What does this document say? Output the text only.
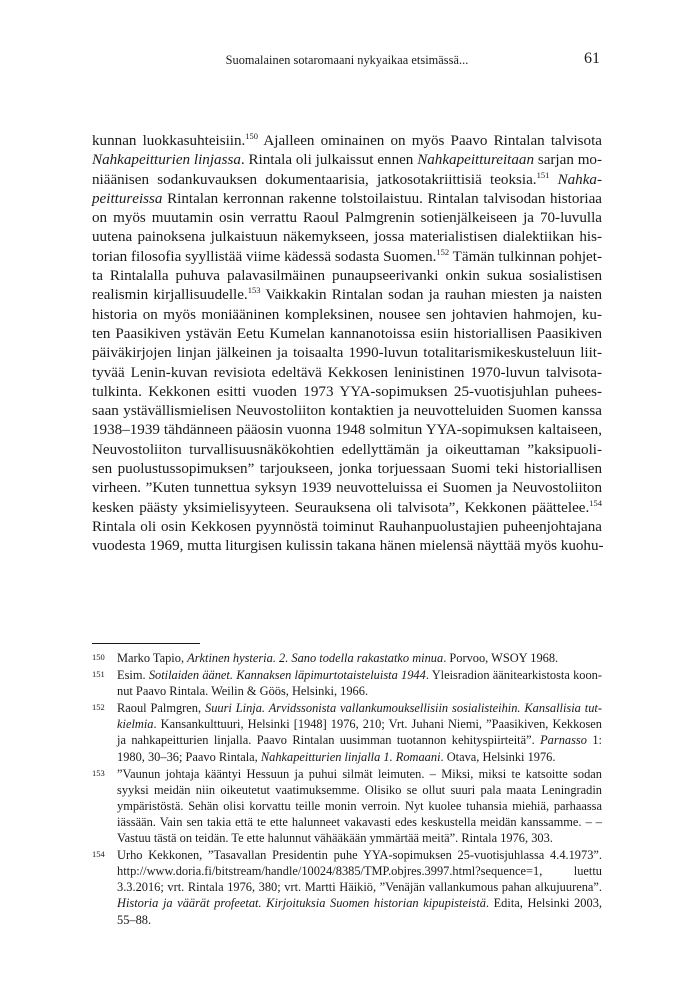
Suomalainen sotaromaani nykyaikaa etsimässä...	61
kunnan luokkasuhteisiin.$^{150}$ Ajalleen ominainen on myös Paavo Rintalan talvisota
Nahkapeitturien linjassa. Rintala oli julkaissut ennen Nahkapeittureitaan sarjan mo-
niäänisen sodankuvauksen dokumentaarisia, jatkosotakriittisiä teoksia.$^{151}$ Nahka-
peitturеissa Rintalan kerronnan rakenne tolstoilaistuu. Rintalan talvisodan historiaa
on myös muutamin osin verrattu Raoul Palmgrenin sotienjälkeiseen ja 70-luvulla
uutena painoksena julkaistuun näkemykseen, jossa materialistisen dialektiikan his-
torian filosofia syyllistää viime kädessä sodasta Suomen.$^{152}$ Tämän tulkinnan pohjet-
ta Rintalalla puhuva palavasilmäinen punaupseerivanki onkin sukua sosialistisen
realismin kirjallisuudelle.$^{153}$ Vaikkakin Rintalan sodan ja rauhan miesten ja naisten
historia on myös moniääninen kompleksinen, nousee sen johtavien hahmojen, ku-
ten Paasikiven ystävän Eetu Kumelan kannanotoissa esiin historiallisen Paasikiven
päiväkirjojen linjan jälkeinen ja toisaalta 1990-luvun totalitarismikeskusteluun liit-
tyvää Lenin-kuvan revisiota edeltävä Kekkosen leninistinen 1970-luvun talvisota-
tulkinta. Kekkonen esitti vuoden 1973 YYA-sopimuksen 25-vuotisjuhlan puhees-
saan ystävällismielisen Neuvostoliiton kontaktien ja neuvotteluiden Suomen kanssa
1938–1939 tähdänneen pääosin vuonna 1948 solmitun YYA-sopimuksen kaltaiseen,
Neuvostoliiton turvallisuusnäkökohtien edellyttämän ja oikeuttaman ”kaksipuoli-
sen puolustussopimuksen” tarjoukseen, jonka torjuessaan Suomi teki historiallisen
virheen. ”Kuten tunnettua syksyn 1939 neuvotteluissa ei Suomen ja Neuvostoliiton
kesken päästy yksimielisyyteen. Seurauksena oli talvisota”, Kekkonen päättelee.$^{154}$
Rintala oli osin Kekkosen pyynnöstä toiminut Rauhanpuolustajien puheenjohtajana
vuodesta 1969, mutta liturgisen kulissin takana hänen mielensä näyttää myös kuohu-
150 Marko Tapio, Arktinen hysteria. 2. Sano todella rakastatko minua. Porvoo, WSOY 1968.
151 Esim. Sotilaiden äänet. Kannaksen läpimurtotaisteluista 1944. Yleisradion äänitearkistosta koon-
nut Paavo Rintala. Weilin & Göös, Helsinki, 1966.
152 Raoul Palmgren, Suuri Linja. Arvidssonista vallankumouksellisiin sosialisteihin. Kansallisia tut-
kielmia. Kansankulttuuri, Helsinki [1948] 1976, 210; Vrt. Juhani Niemi, ”Paasikiven, Kekkosen
ja nahkapeitturien linjalla. Paavo Rintalan uusimman tuotannon kehityspiirteitä”. Parnasso 1:
1980, 30–36; Paavo Rintala, Nahkapeitturien linjalla 1. Romaani. Otava, Helsinki 1976.
153 ”Vaunun johtaja kääntyi Hessuun ja puhui silmät leimuten. – Miksi, miksi te katsoitte sodan
syyksi meidän niin oikeutetut vaatimuksemme. Olisiko se ollut suuri pala maata Leningradin
ympäristöstä. Sehän olisi korvattu teille monin verroin. Nyt kuolee tuhansia miehiä, parhaassa
iässään. Vain sen takia että te ette halunneet vakavasti edes keskustella meidän kanssamme. – –
Vastuu tästä on teidän. Te ette halunnut vähääkään ymmärtää meitä”. Rintala 1976, 303.
154 Urho Kekkonen, ”Tasavallan Presidentin puhe YYA-sopimuksen 25-vuotisjuhlassa 4.4.1973”.
http://www.doria.fi/bitstream/handle/10024/8385/TMP.objres.3997.html?sequence=1, luettu
3.3.2016; vrt. Rintala 1976, 380; vrt. Martti Häikiö, ”Venäjän vallankumous pahan alkujuurena”.
Historia ja väärät profeetat. Kirjoituksia Suomen historian kipupisteistä. Edita, Helsinki 2003,
55–88.
